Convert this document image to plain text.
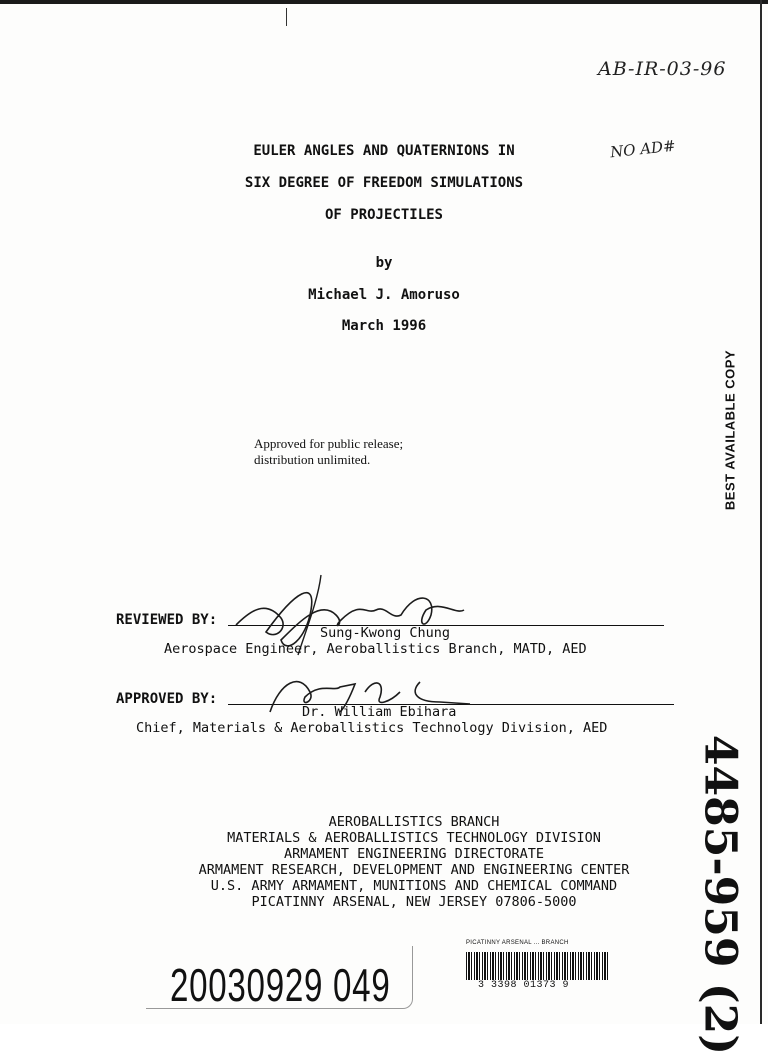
AB-IR-03-96
NO AD#
EULER ANGLES AND QUATERNIONS IN
SIX DEGREE OF FREEDOM SIMULATIONS
OF PROJECTILES
by
Michael J. Amoruso
March 1996
Approved for public release;
distribution unlimited.	BEST AVAILABLE COPY
REVIEWED BY:
Sung-Kwong Chung
Aerospace Engineer, Aeroballistics Branch, MATD, AED
APPROVED BY:
Dr. William Ebihara
Chief, Materials & Aeroballistics Technology Division, AED
AEROBALLISTICS BRANCH
MATERIALS & AEROBALLISTICS TECHNOLOGY DIVISION
ARMAMENT ENGINEERING DIRECTORATE
ARMAMENT RESEARCH, DEVELOPMENT AND ENGINEERING CENTER
U.S. ARMY ARMAMENT, MUNITIONS AND CHEMICAL COMMAND
PICATINNY ARSENAL, NEW JERSEY 07806-5000	4485-959 (2)
20030929 049
PICATINNY ARSENAL ... BRANCH
3 3398 01373 9
